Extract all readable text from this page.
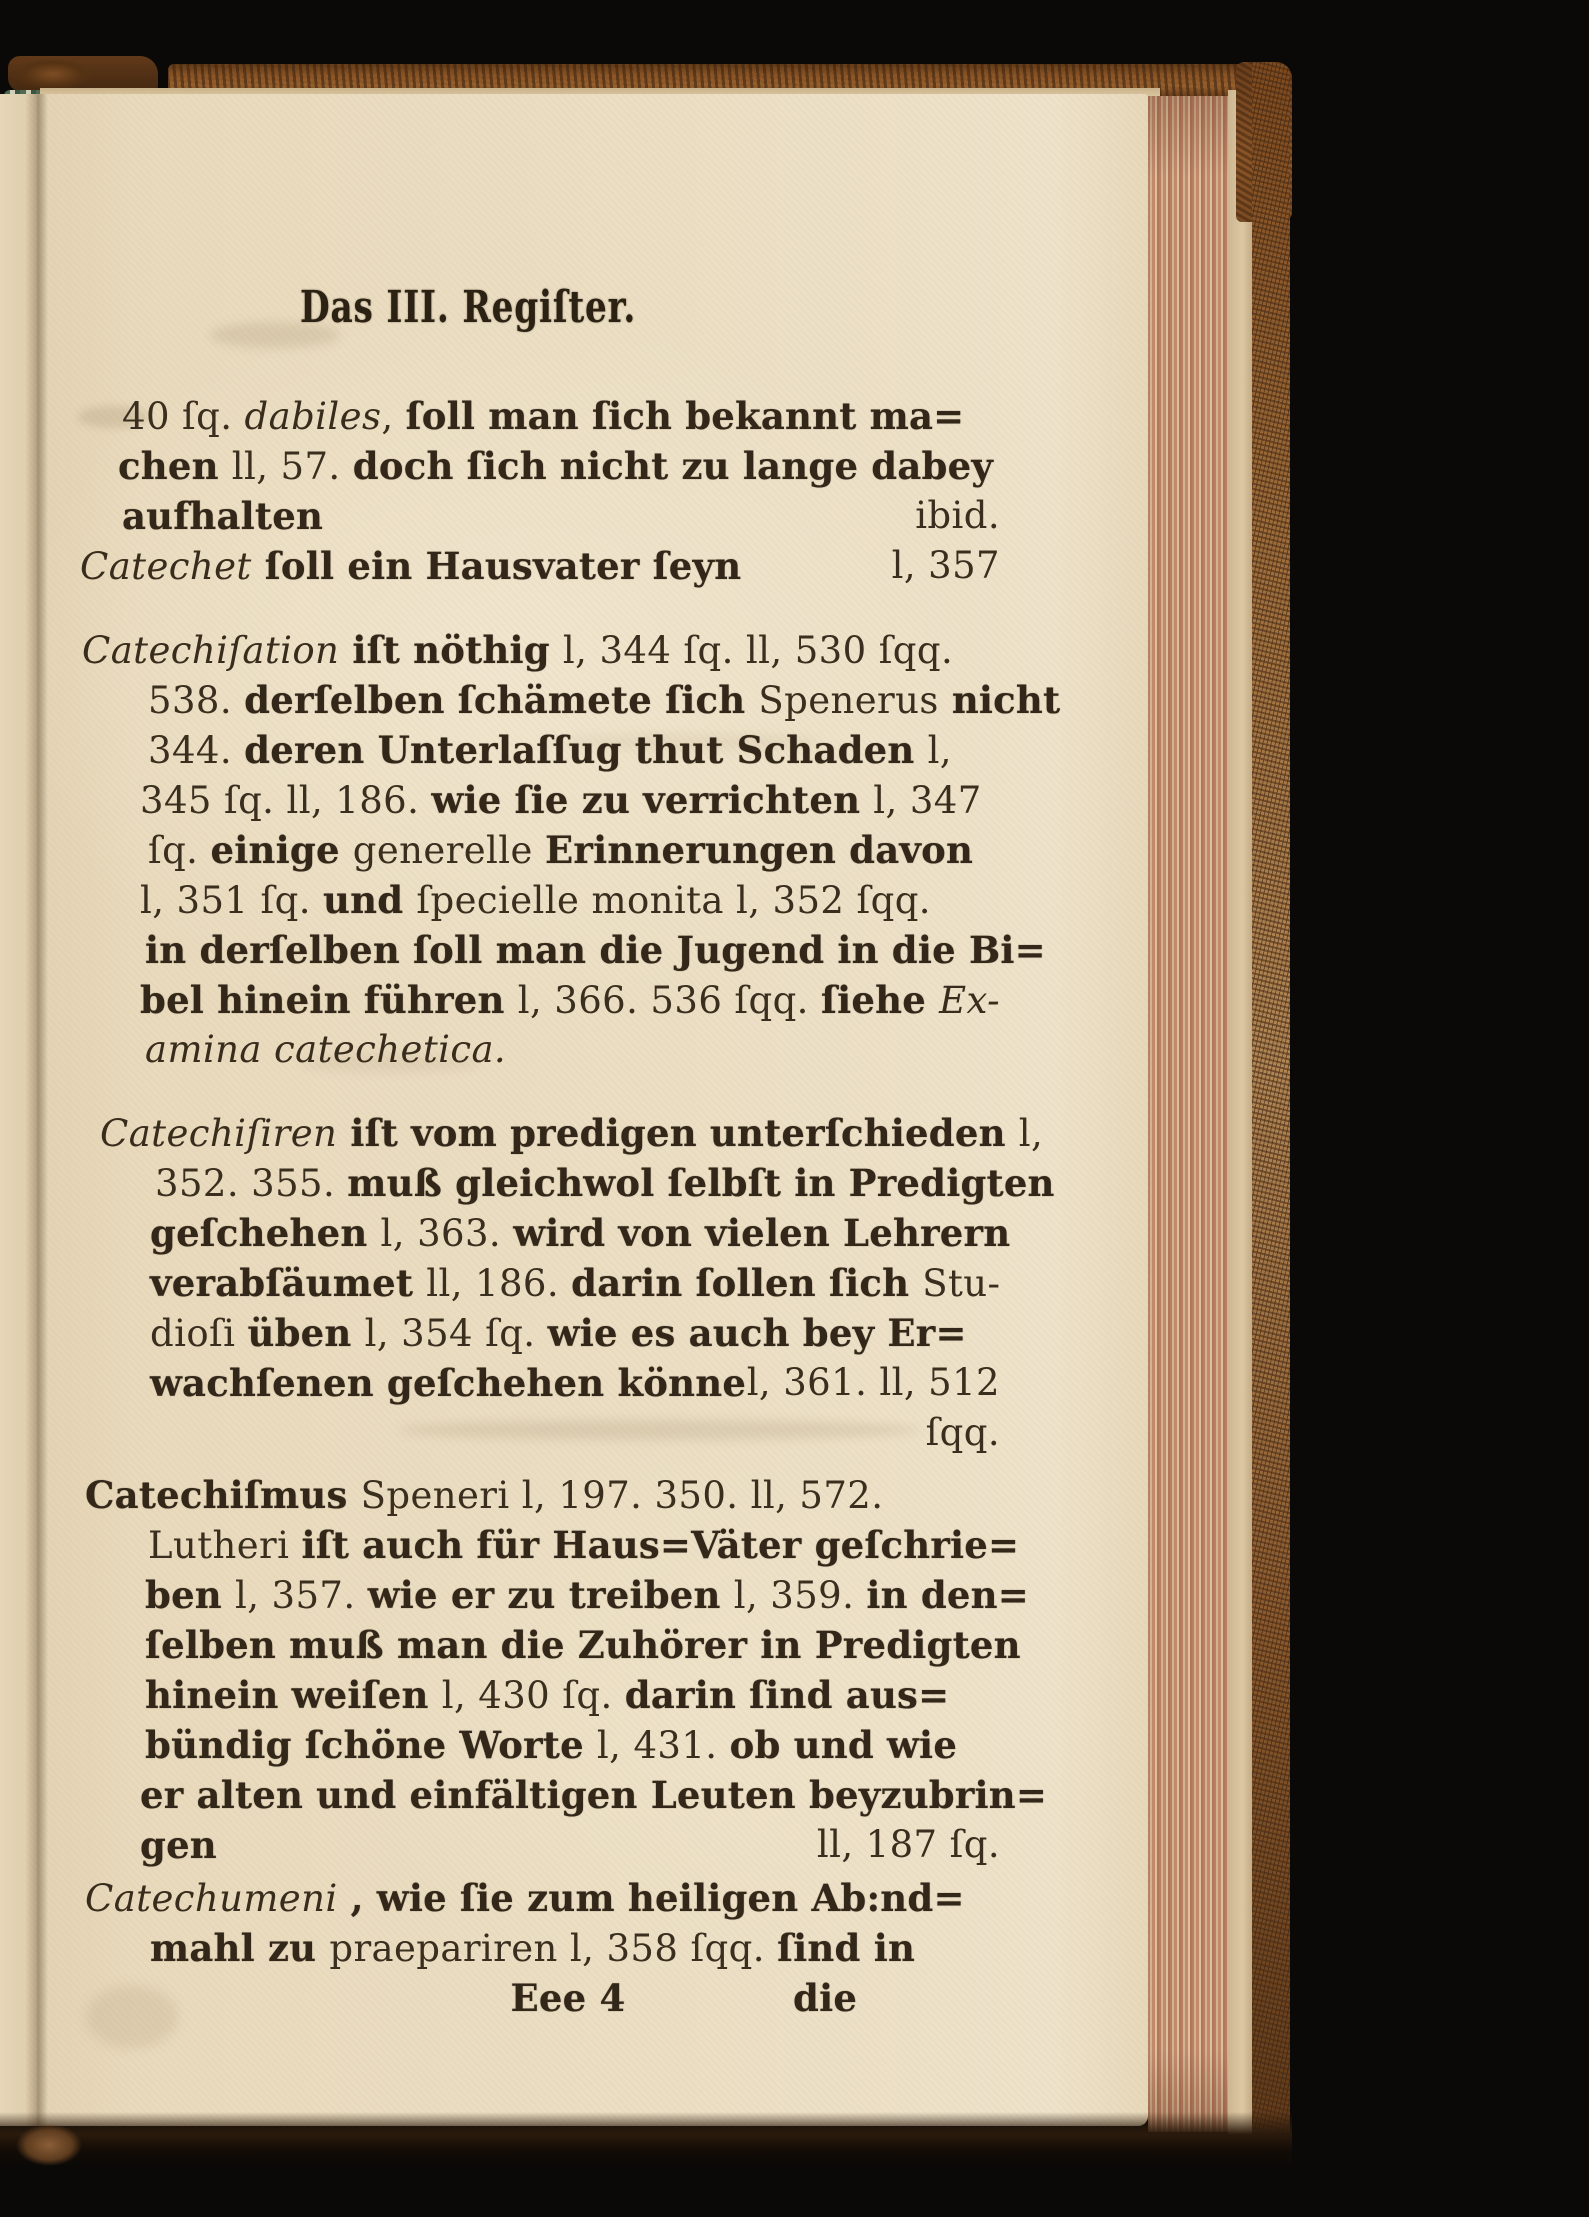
Das III. Regiſter.
40 ſq. dabiles, ſoll man ſich bekannt ma=
chen ll, 57. doch ſich nicht zu lange dabey
aufhalten	ibid.
Catechet ſoll ein Hausvater ſeyn	l, 357
Catechiſation iſt nöthig l, 344 ſq. ll, 530 ſqq.
538. derſelben ſchämete ſich Spenerus nicht
344. deren Unterlaſſug thut Schaden l,
345 ſq. ll, 186. wie ſie zu verrichten l, 347
ſq. einige generelle Erinnerungen davon
l, 351 ſq. und ſpecielle monita l, 352 ſqq.
in derſelben ſoll man die Jugend in die Bi=
bel hinein führen l, 366. 536 ſqq. ſiehe Ex-
amina catechetica.
Catechiſiren iſt vom predigen unterſchieden l,
352. 355. muß gleichwol ſelbſt in Predigten
geſchehen l, 363. wird von vielen Lehrern
verabſäumet ll, 186. darin ſollen ſich Stu-
dioſi üben l, 354 ſq. wie es auch bey Er=
wachſenen geſchehen könne l, 361. ll, 512
ſqq.
Catechiſmus Speneri l, 197. 350. ll, 572.
Lutheri iſt auch für Haus=Väter geſchrie=
ben l, 357. wie er zu treiben l, 359. in den=
ſelben muß man die Zuhörer in Predigten
hinein weiſen l, 430 ſq. darin ſind aus=
bündig ſchöne Worte l, 431. ob und wie
er alten und einfältigen Leuten beyzubrin=
gen	ll, 187 ſq.
Catechumeni , wie ſie zum heiligen Ab:nd=
mahl zu praepariren l, 358 ſqq. ſind in
Eee 4	die
